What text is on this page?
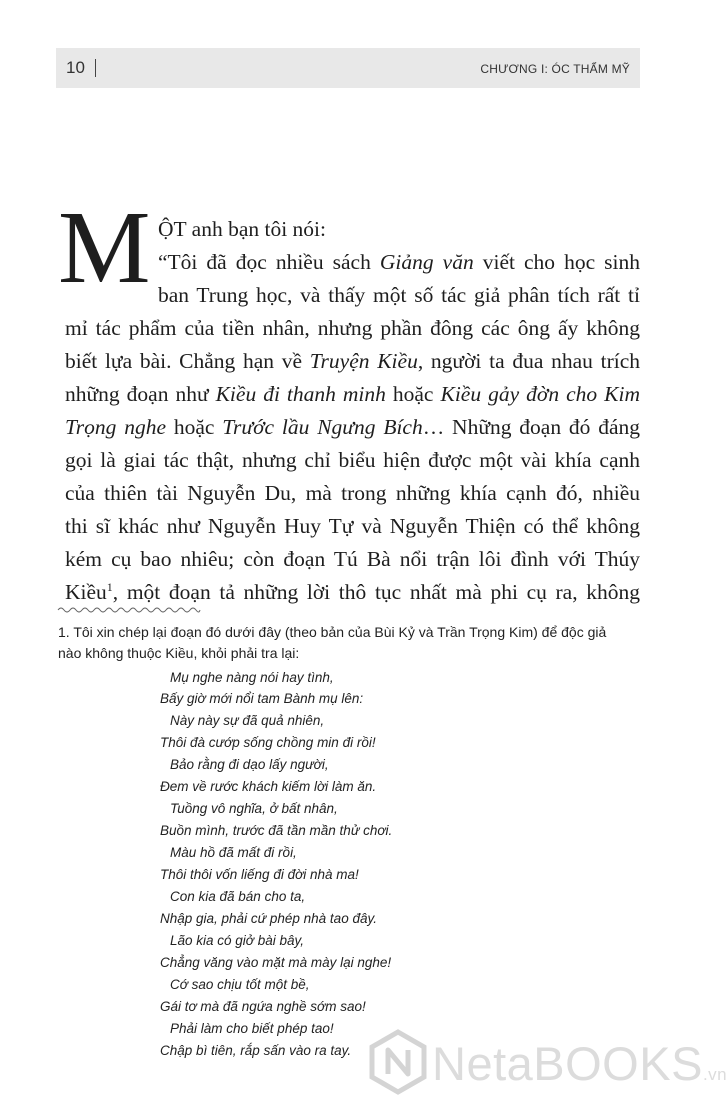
10	CHƯƠNG I: ÓC THẨM MỸ
M ỘT anh bạn tôi nói:
“Tôi đã đọc nhiều sách Giảng văn viết cho học sinh
ban Trung học, và thấy một số tác giả phân tích rất tỉ
mỉ tác phẩm của tiền nhân, nhưng phần đông các ông ấy không
biết lựa bài. Chẳng hạn về Truyện Kiều, người ta đua nhau trích
những đoạn như Kiều đi thanh minh hoặc Kiều gảy đờn cho Kim
Trọng nghe hoặc Trước lầu Ngưng Bích… Những đoạn đó đáng
gọi là giai tác thật, nhưng chỉ biểu hiện được một vài khía cạnh
của thiên tài Nguyễn Du, mà trong những khía cạnh đó, nhiều
thi sĩ khác như Nguyễn Huy Tự và Nguyễn Thiện có thể không
kém cụ bao nhiêu; còn đoạn Tú Bà nổi trận lôi đình với Thúy
Kiều$^1$, một đoạn tả những lời thô tục nhất mà phi cụ ra, không
1. Tôi xin chép lại đoạn đó dưới đây (theo bản của Bùi Kỷ và Trần Trọng Kim) để độc giả
nào không thuộc Kiều, khỏi phải tra lại:
Mụ nghe nàng nói hay tình,
Bấy giờ mới nổi tam Bành mụ lên:
Này này sự đã quả nhiên,
Thôi đà cướp sống chồng min đi rồi!
Bảo rằng đi dạo lấy người,
Đem về rước khách kiếm lời làm ăn.
Tuồng vô nghĩa, ở bất nhân,
Buồn mình, trước đã tần mần thử chơi.
Màu hồ đã mất đi rồi,
Thôi thôi vốn liếng đi đời nhà ma!
Con kia đã bán cho ta,
Nhập gia, phải cứ phép nhà tao đây.
Lão kia có giở bài bây,
Chẳng văng vào mặt mà mày lại nghe!
Cớ sao chịu tốt một bề,
Gái tơ mà đã ngứa nghề sớm sao!
Phải làm cho biết phép tao!
Chập bì tiên, rắp sấn vào ra tay. NetaBOOKS.vn
